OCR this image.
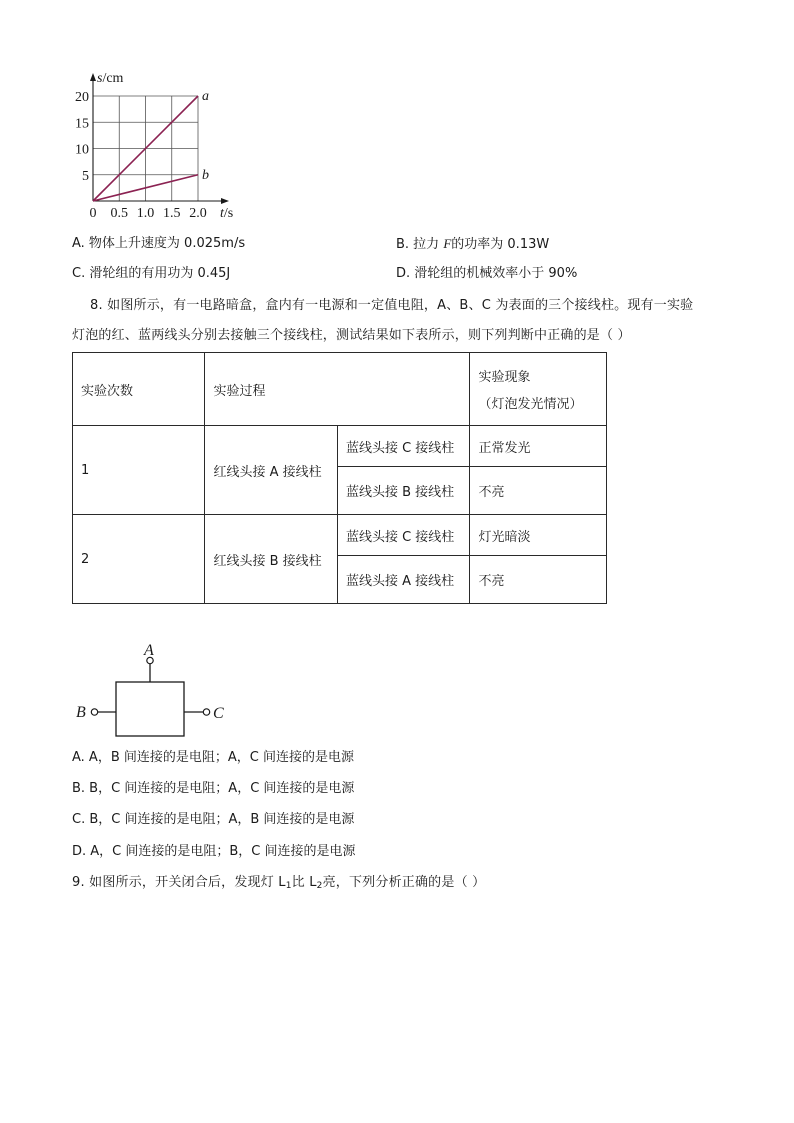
20
15
10
5
0 0.5 1.0 1.5 2.0
s/cm
t/s
a
b
A. 物体上升速度为 0.025m/s	B. 拉力 F的功率为 0.13W
C. 滑轮组的有用功为 0.45J	D. 滑轮组的机械效率小于 90%
8. 如图所示，有一电路暗盒，盒内有一电源和一定值电阻，A、B、C 为表面的三个接线柱。现有一实验
灯泡的红、蓝两线头分别去接触三个接线柱，测试结果如下表所示，则下列判断中正确的是（ ）
实验次数	实验过程		实验现象
（灯泡发光情况）

1	红线头接 A 接线柱	蓝线头接 C 接线柱	正常发光
		蓝线头接 B 接线柱	不亮
2	红线头接 B 接线柱	蓝线头接 C 接线柱	灯光暗淡
		蓝线头接 A 接线柱	不亮
A
B	C
A. A，B 间连接的是电阻；A，C 间连接的是电源
B. B，C 间连接的是电阻；A，C 间连接的是电源
C. B，C 间连接的是电阻；A，B 间连接的是电源
D. A，C 间连接的是电阻；B，C 间连接的是电源
9. 如图所示，开关闭合后，发现灯 $L_1$比 $L_2$亮，下列分析正确的是（ ）
